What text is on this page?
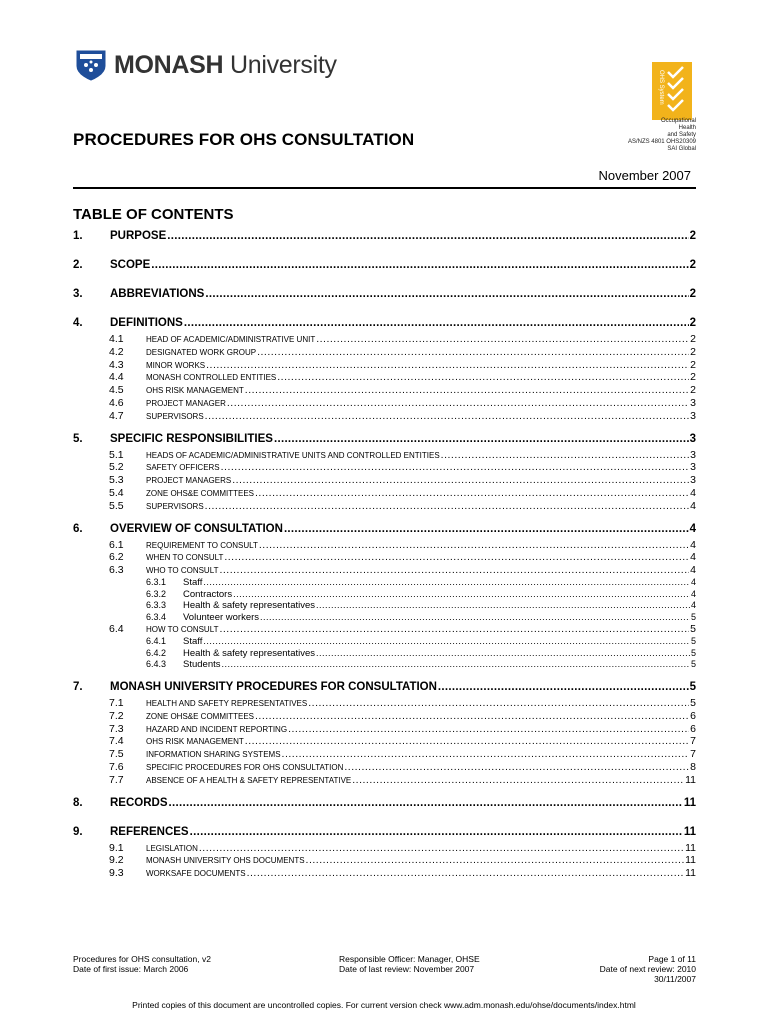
MONASH University
OHS System
Occupational
Health
and Safety
AS/NZS 4801 OHS20309
SAI Global
PROCEDURES FOR OHS CONSULTATION
November 2007
TABLE OF CONTENTS
1.	PURPOSE .....	2
2.	SCOPE .....	2
3.	ABBREVIATIONS .....	2
4.	DEFINITIONS .....	2
4.1	HEAD OF ACADEMIC/ADMINISTRATIVE UNIT .....	2
4.2	DESIGNATED WORK GROUP .....	2
4.3	MINOR WORKS .....	2
4.4	MONASH CONTROLLED ENTITIES .....	2
4.5	OHS RISK MANAGEMENT .....	2
4.6	PROJECT MANAGER .....	3
4.7	SUPERVISORS .....	3
5.	SPECIFIC RESPONSIBILITIES .....	3
5.1	HEADS OF ACADEMIC/ADMINISTRATIVE UNITS AND CONTROLLED ENTITIES .....	3
5.2	SAFETY OFFICERS .....	3
5.3	PROJECT MANAGERS .....	3
5.4	ZONE OHS&E COMMITTEES .....	4
5.5	SUPERVISORS .....	4
6.	OVERVIEW OF CONSULTATION .....	4
6.1	REQUIREMENT TO CONSULT .....	4
6.2	WHEN TO CONSULT .....	4
6.3	WHO TO CONSULT .....	4
6.3.1	Staff .....	4
6.3.2	Contractors .....	4
6.3.3	Health & safety representatives .....	4
6.3.4	Volunteer workers .....	5
6.4	HOW TO CONSULT .....	5
6.4.1	Staff .....	5
6.4.2	Health & safety representatives .....	5
6.4.3	Students .....	5
7.	MONASH UNIVERSITY PROCEDURES FOR CONSULTATION .....	5
7.1	HEALTH AND SAFETY REPRESENTATIVES .....	5
7.2	ZONE OHS&E COMMITTEES .....	6
7.3	HAZARD AND INCIDENT REPORTING .....	6
7.4	OHS RISK MANAGEMENT .....	7
7.5	INFORMATION SHARING SYSTEMS .....	7
7.6	SPECIFIC PROCEDURES FOR OHS CONSULTATION .....	8
7.7	ABSENCE OF A HEALTH & SAFETY REPRESENTATIVE .....	11
8.	RECORDS .....	11
9.	REFERENCES .....	11
9.1	LEGISLATION .....	11
9.2	MONASH UNIVERSITY OHS DOCUMENTS .....	11
9.3	WORKSAFE DOCUMENTS .....	11
Procedures for OHS consultation, v2
Date of first issue: March 2006
Responsible Officer: Manager, OHSE
Date of last review: November 2007
Page 1 of 11
Date of next review: 2010
30/11/2007
Printed copies of this document are uncontrolled copies. For current version check www.adm.monash.edu/ohse/documents/index.html
